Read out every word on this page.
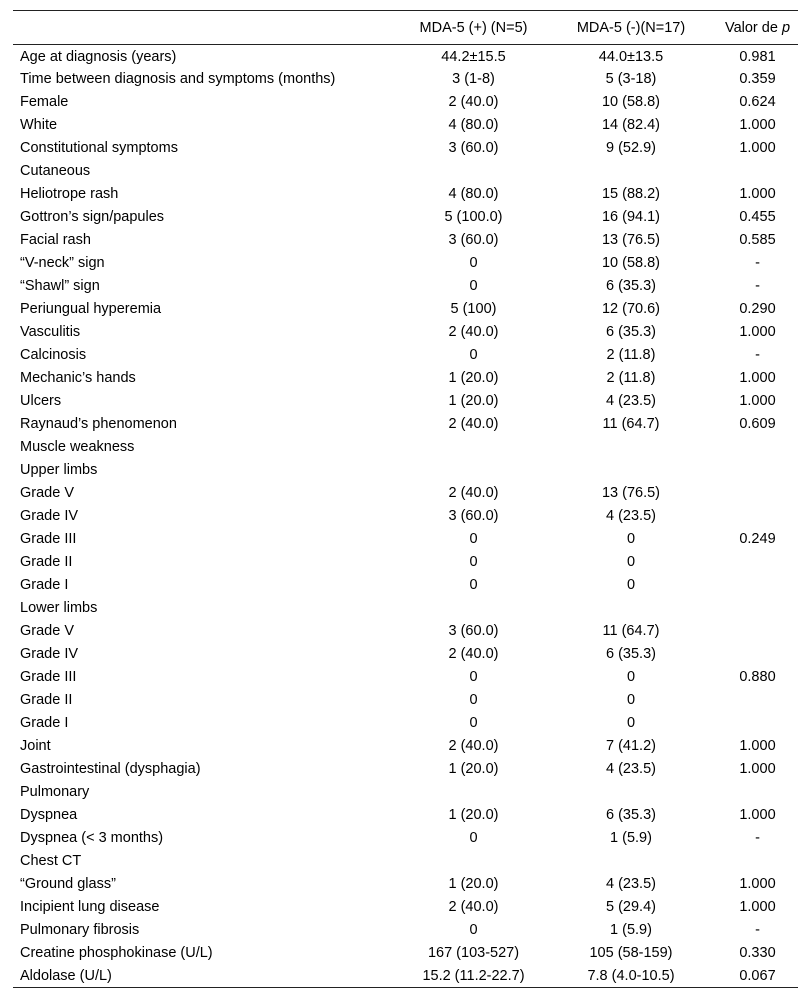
	MDA-5 (+) (N=5)	MDA-5 (-)(N=17)	Valor de p
Age at diagnosis (years)	44.2±15.5	44.0±13.5	0.981
Time between diagnosis and symptoms (months)	3 (1-8)	5 (3-18)	0.359
Female	2 (40.0)	10 (58.8)	0.624
White	4 (80.0)	14 (82.4)	1.000
Constitutional symptoms	3 (60.0)	9 (52.9)	1.000
Cutaneous			
Heliotrope rash	4 (80.0)	15 (88.2)	1.000
Gottron’s sign/papules	5 (100.0)	16 (94.1)	0.455
Facial rash	3 (60.0)	13 (76.5)	0.585
“V-neck” sign	0	10 (58.8)	-
“Shawl” sign	0	6 (35.3)	-
Periungual hyperemia	5 (100)	12 (70.6)	0.290
Vasculitis	2 (40.0)	6 (35.3)	1.000
Calcinosis	0	2 (11.8)	-
Mechanic’s hands	1 (20.0)	2 (11.8)	1.000
Ulcers	1 (20.0)	4 (23.5)	1.000
Raynaud’s phenomenon	2 (40.0)	11 (64.7)	0.609
Muscle weakness			
Upper limbs			
Grade V	2 (40.0)	13 (76.5)	
Grade IV	3 (60.0)	4 (23.5)	
Grade III	0	0	0.249
Grade II	0	0	
Grade I	0	0	
Lower limbs			
Grade V	3 (60.0)	11 (64.7)	
Grade IV	2 (40.0)	6 (35.3)	
Grade III	0	0	0.880
Grade II	0	0	
Grade I	0	0	
Joint	2 (40.0)	7 (41.2)	1.000
Gastrointestinal (dysphagia)	1 (20.0)	4 (23.5)	1.000
Pulmonary			
Dyspnea	1 (20.0)	6 (35.3)	1.000
Dyspnea (< 3 months)	0	1 (5.9)	-
Chest CT			
“Ground glass”	1 (20.0)	4 (23.5)	1.000
Incipient lung disease	2 (40.0)	5 (29.4)	1.000
Pulmonary fibrosis	0	1 (5.9)	-
Creatine phosphokinase (U/L)	167 (103-527)	105 (58-159)	0.330
Aldolase (U/L)	15.2 (11.2-22.7)	7.8 (4.0-10.5)	0.067
